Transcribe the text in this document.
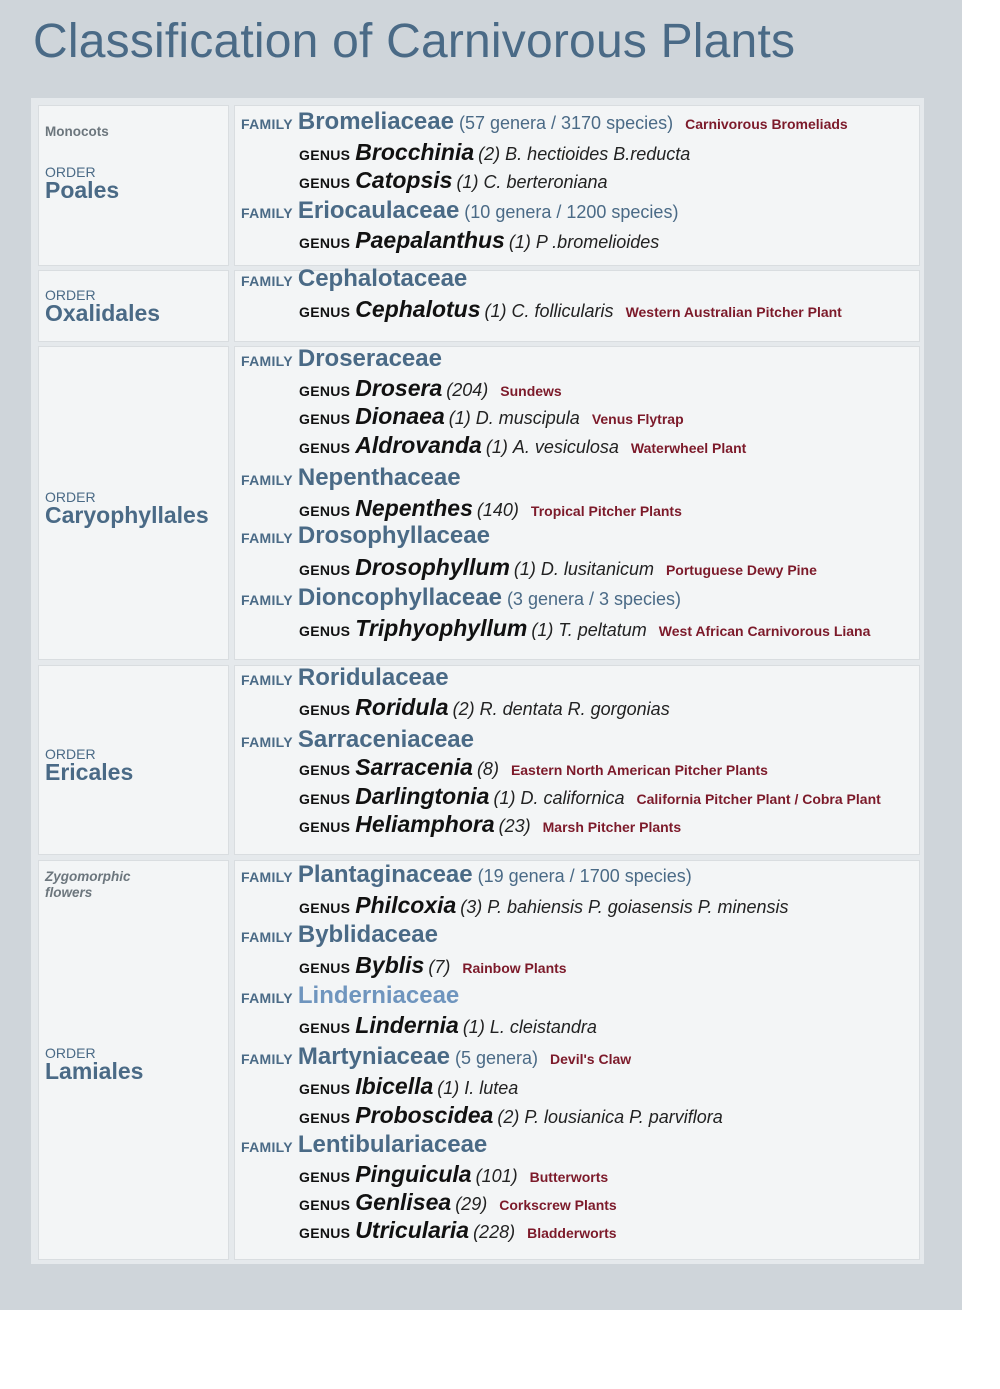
Classification of Carnivorous Plants
Monocots
ORDER
Poales
FAMILY Bromeliaceae (57 genera / 3170 species) Carnivorous Bromeliads
GENUS Brocchinia (2) B. hectioides B.reducta
GENUS Catopsis (1) C. berteroniana
FAMILY Eriocaulaceae (10 genera / 1200 species)
GENUS Paepalanthus (1) P .bromelioides
ORDER
Oxalidales
FAMILY Cephalotaceae
GENUS Cephalotus (1) C. follicularis Western Australian Pitcher Plant
ORDER
Caryophyllales
FAMILY Droseraceae
GENUS Drosera (204) Sundews
GENUS Dionaea (1) D. muscipula Venus Flytrap
GENUS Aldrovanda (1) A. vesiculosa Waterwheel Plant
FAMILY Nepenthaceae
GENUS Nepenthes (140) Tropical Pitcher Plants
FAMILY Drosophyllaceae
GENUS Drosophyllum (1) D. lusitanicum Portuguese Dewy Pine
FAMILY Dioncophyllaceae (3 genera / 3 species)
GENUS Triphyophyllum (1) T. peltatum West African Carnivorous Liana
ORDER
Ericales
FAMILY Roridulaceae
GENUS Roridula (2) R. dentata R. gorgonias
FAMILY Sarraceniaceae
GENUS Sarracenia (8) Eastern North American Pitcher Plants
GENUS Darlingtonia (1) D. californica California Pitcher Plant / Cobra Plant
GENUS Heliamphora (23) Marsh Pitcher Plants
Zygomorphic flowers
ORDER
Lamiales
FAMILY Plantaginaceae (19 genera / 1700 species)
GENUS Philcoxia (3) P. bahiensis P. goiasensis P. minensis
FAMILY Byblidaceae
GENUS Byblis (7) Rainbow Plants
FAMILY Linderniaceae
GENUS Lindernia (1) L. cleistandra
FAMILY Martyniaceae (5 genera) Devil's Claw
GENUS Ibicella (1) I. lutea
GENUS Proboscidea (2) P. lousianica P. parviflora
FAMILY Lentibulariaceae
GENUS Pinguicula (101) Butterworts
GENUS Genlisea (29) Corkscrew Plants
GENUS Utricularia (228) Bladderworts
